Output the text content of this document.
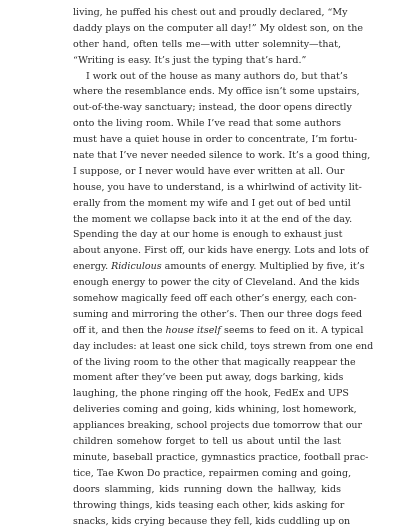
living, he puffed his chest out and proudly declared, “My
daddy plays on the computer all day!” My oldest son, on the
other hand, often tells me—with utter solemnity—that,
“Writing is easy. It’s just the typing that’s hard.”
I work out of the house as many authors do, but that’s
where the resemblance ends. My office isn’t some upstairs,
out-of-the-way sanctuary; instead, the door opens directly
onto the living room. While I’ve read that some authors
must have a quiet house in order to concentrate, I’m fortu-
nate that I’ve never needed silence to work. It’s a good thing,
I suppose, or I never would have ever written at all. Our
house, you have to understand, is a whirlwind of activity lit-
erally from the moment my wife and I get out of bed until
the moment we collapse back into it at the end of the day.
Spending the day at our home is enough to exhaust just
about anyone. First off, our kids have energy. Lots and lots of
energy. Ridiculous amounts of energy. Multiplied by five, it’s
enough energy to power the city of Cleveland. And the kids
somehow magically feed off each other’s energy, each con-
suming and mirroring the other’s. Then our three dogs feed
off it, and then the house itself seems to feed on it. A typical
day includes: at least one sick child, toys strewn from one end
of the living room to the other that magically reappear the
moment after they’ve been put away, dogs barking, kids
laughing, the phone ringing off the hook, FedEx and UPS
deliveries coming and going, kids whining, lost homework,
appliances breaking, school projects due tomorrow that our
children somehow forget to tell us about until the last
minute, baseball practice, gymnastics practice, football prac-
tice, Tae Kwon Do practice, repairmen coming and going,
doors slamming, kids running down the hallway, kids
throwing things, kids teasing each other, kids asking for
snacks, kids crying because they fell, kids cuddling up on
